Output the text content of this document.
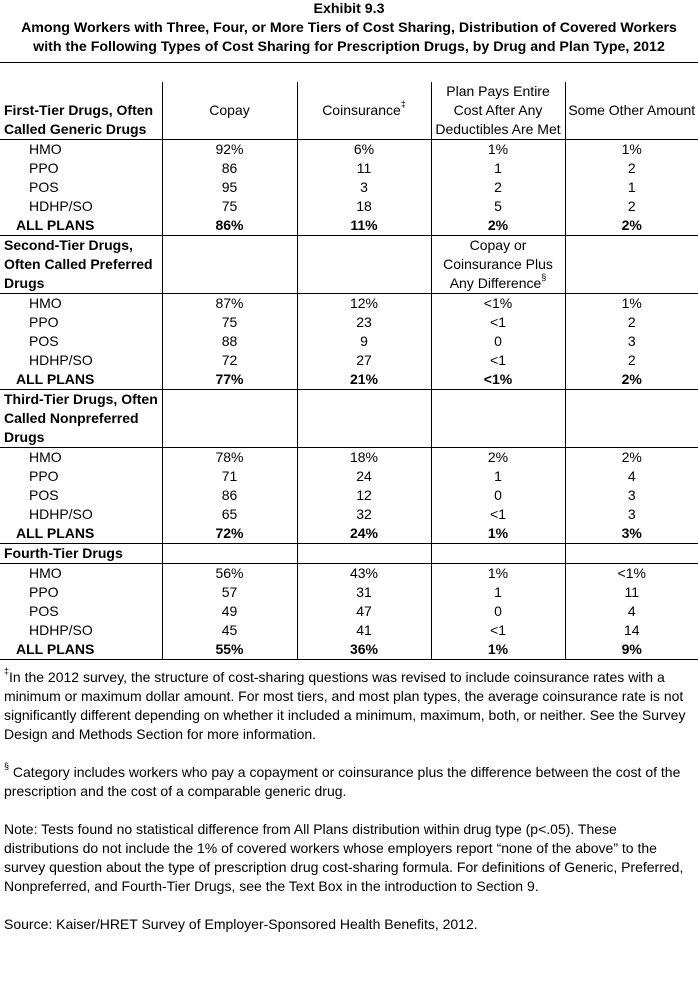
Exhibit 9.3
Among Workers with Three, Four, or More Tiers of Cost Sharing, Distribution of Covered Workers with the Following Types of Cost Sharing for Prescription Drugs, by Drug and Plan Type, 2012
First-Tier Drugs, Often Called Generic Drugs	Copay	Coinsurance‡	Plan Pays Entire Cost After Any Deductibles Are Met	Some Other Amount
HMO	92%	6%	1%	1%
PPO	86	11	1	2
POS	95	3	2	1
HDHP/SO	75	18	5	2
ALL PLANS	86%	11%	2%	2%
Second-Tier Drugs, Often Called Preferred Drugs			Copay or Coinsurance Plus Any Difference§	
HMO	87%	12%	<1%	1%
PPO	75	23	<1	2
POS	88	9	0	3
HDHP/SO	72	27	<1	2
ALL PLANS	77%	21%	<1%	2%
Third-Tier Drugs, Often Called Nonpreferred Drugs				
HMO	78%	18%	2%	2%
PPO	71	24	1	4
POS	86	12	0	3
HDHP/SO	65	32	<1	3
ALL PLANS	72%	24%	1%	3%
Fourth-Tier Drugs				
HMO	56%	43%	1%	<1%
PPO	57	31	1	11
POS	49	47	0	4
HDHP/SO	45	41	<1	14
ALL PLANS	55%	36%	1%	9%

‡In the 2012 survey, the structure of cost-sharing questions was revised to include coinsurance rates with a minimum or maximum dollar amount. For most tiers, and most plan types, the average coinsurance rate is not significantly different depending on whether it included a minimum, maximum, both, or neither. See the Survey Design and Methods Section for more information.

§ Category includes workers who pay a copayment or coinsurance plus the difference between the cost of the prescription and the cost of a comparable generic drug.

Note: Tests found no statistical difference from All Plans distribution within drug type (p<.05). These distributions do not include the 1% of covered workers whose employers report “none of the above” to the survey question about the type of prescription drug cost-sharing formula. For definitions of Generic, Preferred, Nonpreferred, and Fourth-Tier Drugs, see the Text Box in the introduction to Section 9.

Source: Kaiser/HRET Survey of Employer-Sponsored Health Benefits, 2012.
